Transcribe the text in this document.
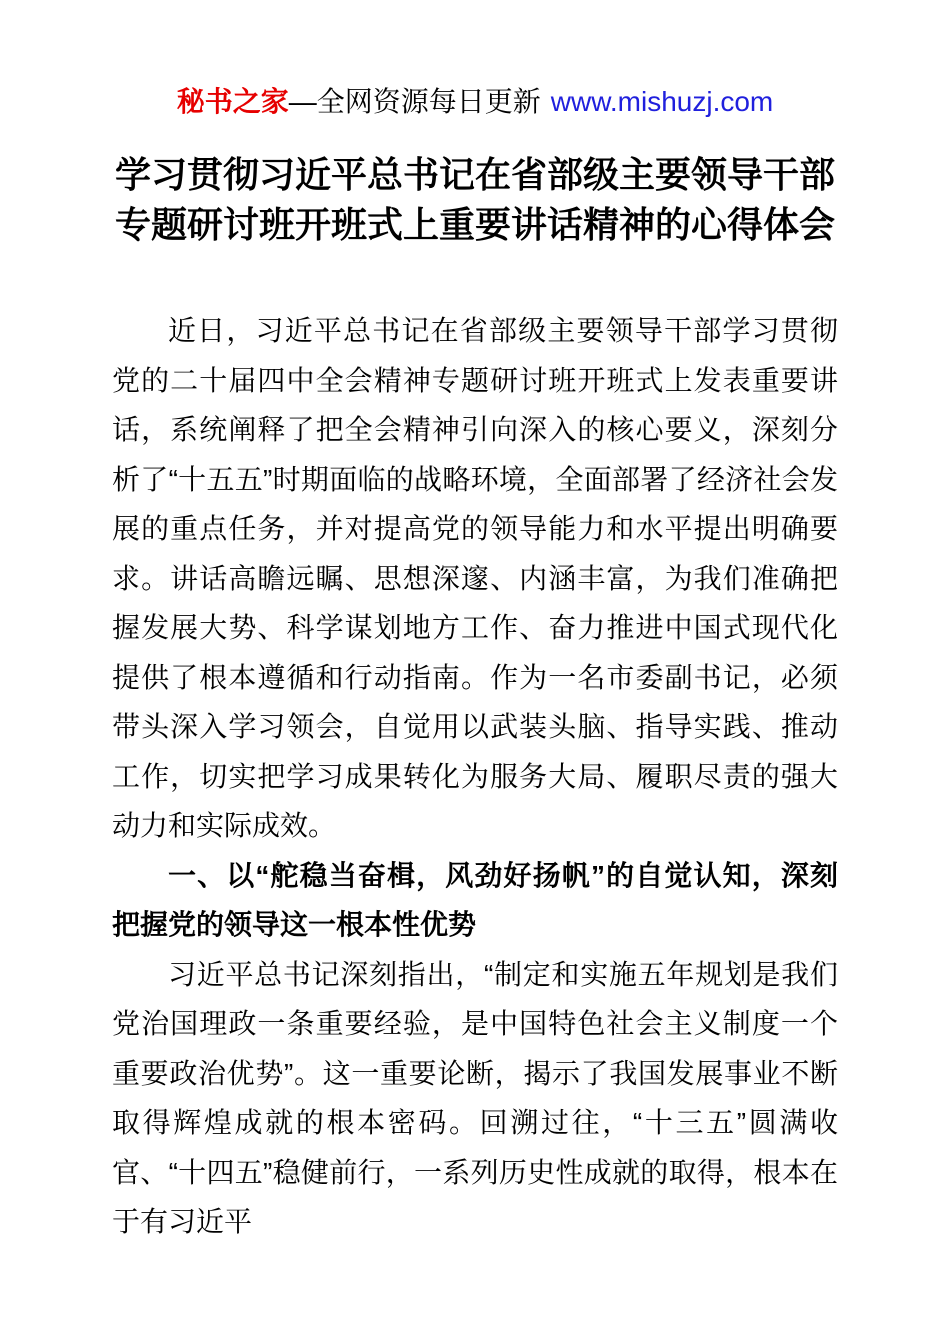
秘书之家—全网资源每日更新 www.mishuzj.com
学习贯彻习近平总书记在省部级主要领导干部
专题研讨班开班式上重要讲话精神的心得体会

近日，习近平总书记在省部级主要领导干部学习贯彻党的二十届四中全会精神专题研讨班开班式上发表重要讲话，系统阐释了把全会精神引向深入的核心要义，深刻分析了“十五五”时期面临的战略环境，全面部署了经济社会发展的重点任务，并对提高党的领导能力和水平提出明确要求。讲话高瞻远瞩、思想深邃、内涵丰富，为我们准确把握发展大势、科学谋划地方工作、奋力推进中国式现代化提供了根本遵循和行动指南。作为一名市委副书记，必须带头深入学习领会，自觉用以武装头脑、指导实践、推动工作，切实把学习成果转化为服务大局、履职尽责的强大动力和实际成效。

一、以“舵稳当奋楫，风劲好扬帆”的自觉认知，深刻把握党的领导这一根本性优势

习近平总书记深刻指出，“制定和实施五年规划是我们党治国理政一条重要经验，是中国特色社会主义制度一个重要政治优势”。这一重要论断，揭示了我国发展事业不断取得辉煌成就的根本密码。回溯过往，“十三五”圆满收官、“十四五”稳健前行，一系列历史性成就的取得，根本在于有习近平
